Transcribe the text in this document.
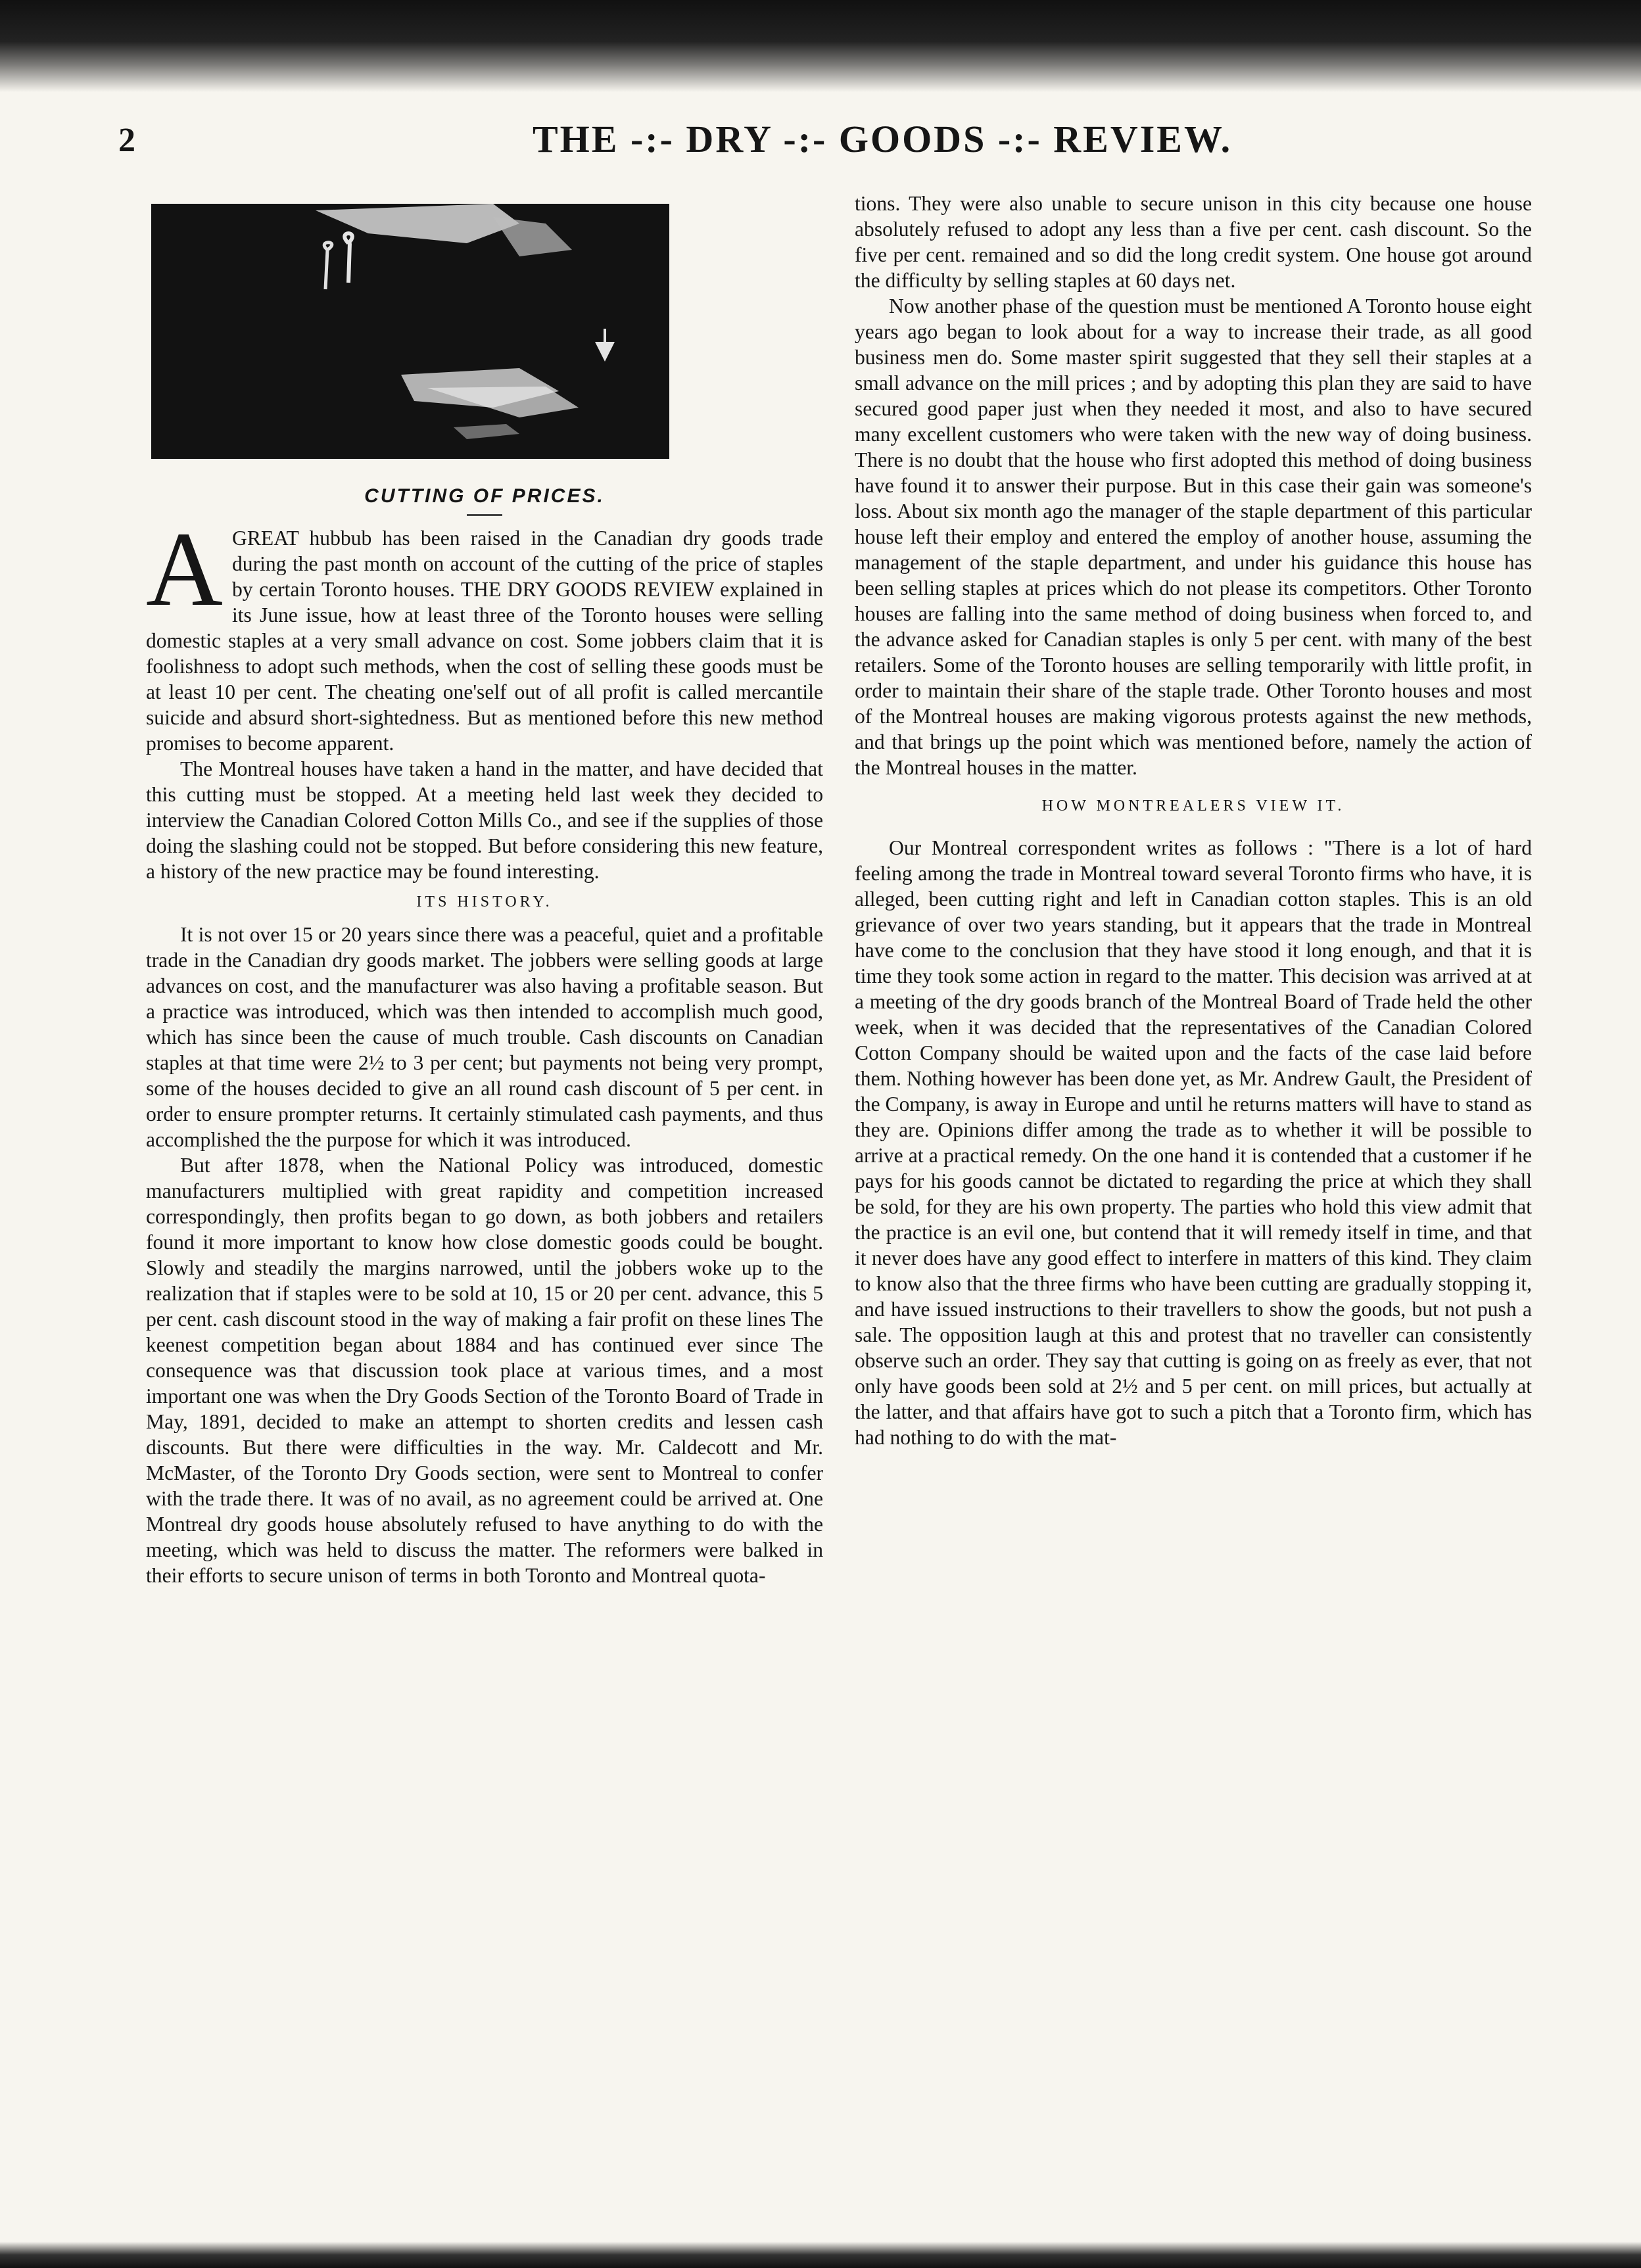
2	THE -:- DRY -:- GOODS -:- REVIEW.
CUTTING OF PRICES.

AGREAT hubbub has been raised in the Canadian dry goods trade during the past month on account of the cutting of the price of staples by certain Toronto houses. THE DRY GOODS REVIEW explained in its June issue, how at least three of the Toronto houses were selling domestic staples at a very small advance on cost. Some jobbers claim that it is foolishness to adopt such methods, when the cost of selling these goods must be at least 10 per cent. The cheating one'self out of all profit is called mercantile suicide and absurd short-sightedness. But as mentioned before this new method promises to become apparent.

The Montreal houses have taken a hand in the matter, and have decided that this cutting must be stopped. At a meeting held last week they decided to interview the Canadian Colored Cotton Mills Co., and see if the supplies of those doing the slashing could not be stopped. But before considering this new feature, a history of the new practice may be found interesting.

ITS HISTORY.

It is not over 15 or 20 years since there was a peaceful, quiet and a profitable trade in the Canadian dry goods market. The jobbers were selling goods at large advances on cost, and the manufacturer was also having a profitable season. But a practice was introduced, which was then intended to accomplish much good, which has since been the cause of much trouble. Cash discounts on Canadian staples at that time were 2½ to 3 per cent; but payments not being very prompt, some of the houses decided to give an all round cash discount of 5 per cent. in order to ensure prompter returns. It certainly stimulated cash payments, and thus accomplished the the purpose for which it was introduced.

But after 1878, when the National Policy was introduced, domestic manufacturers multiplied with great rapidity and competition increased correspondingly, then profits began to go down, as both jobbers and retailers found it more important to know how close domestic goods could be bought. Slowly and steadily the margins narrowed, until the jobbers woke up to the realization that if staples were to be sold at 10, 15 or 20 per cent. advance, this 5 per cent. cash discount stood in the way of making a fair profit on these lines The keenest competition began about 1884 and has continued ever since The consequence was that discussion took place at various times, and a most important one was when the Dry Goods Section of the Toronto Board of Trade in May, 1891, decided to make an attempt to shorten credits and lessen cash discounts. But there were difficulties in the way. Mr. Caldecott and Mr. McMaster, of the Toronto Dry Goods section, were sent to Montreal to confer with the trade there. It was of no avail, as no agreement could be arrived at. One Montreal dry goods house absolutely refused to have anything to do with the meeting, which was held to discuss the matter. The reformers were balked in their efforts to secure unison of terms in both Toronto and Montreal quota-

tions. They were also unable to secure unison in this city because one house absolutely refused to adopt any less than a five per cent. cash discount. So the five per cent. remained and so did the long credit system. One house got around the difficulty by selling staples at 60 days net.

Now another phase of the question must be mentioned A Toronto house eight years ago began to look about for a way to increase their trade, as all good business men do. Some master spirit suggested that they sell their staples at a small advance on the mill prices ; and by adopting this plan they are said to have secured good paper just when they needed it most, and also to have secured many excellent customers who were taken with the new way of doing business. There is no doubt that the house who first adopted this method of doing business have found it to answer their purpose. But in this case their gain was someone's loss. About six month ago the manager of the staple department of this particular house left their employ and entered the employ of another house, assuming the management of the staple department, and under his guidance this house has been selling staples at prices which do not please its competitors. Other Toronto houses are falling into the same method of doing business when forced to, and the advance asked for Canadian staples is only 5 per cent. with many of the best retailers. Some of the Toronto houses are selling temporarily with little profit, in order to maintain their share of the staple trade. Other Toronto houses and most of the Montreal houses are making vigorous protests against the new methods, and that brings up the point which was mentioned before, namely the action of the Montreal houses in the matter.

HOW MONTREALERS VIEW IT.

Our Montreal correspondent writes as follows : "There is a lot of hard feeling among the trade in Montreal toward several Toronto firms who have, it is alleged, been cutting right and left in Canadian cotton staples. This is an old grievance of over two years standing, but it appears that the trade in Montreal have come to the conclusion that they have stood it long enough, and that it is time they took some action in regard to the matter. This decision was arrived at at a meeting of the dry goods branch of the Montreal Board of Trade held the other week, when it was decided that the representatives of the Canadian Colored Cotton Company should be waited upon and the facts of the case laid before them. Nothing however has been done yet, as Mr. Andrew Gault, the President of the Company, is away in Europe and until he returns matters will have to stand as they are. Opinions differ among the trade as to whether it will be possible to arrive at a practical remedy. On the one hand it is contended that a customer if he pays for his goods cannot be dictated to regarding the price at which they shall be sold, for they are his own property. The parties who hold this view admit that the practice is an evil one, but contend that it will remedy itself in time, and that it never does have any good effect to interfere in matters of this kind. They claim to know also that the three firms who have been cutting are gradually stopping it, and have issued instructions to their travellers to show the goods, but not push a sale. The opposition laugh at this and protest that no traveller can consistently observe such an order. They say that cutting is going on as freely as ever, that not only have goods been sold at 2½ and 5 per cent. on mill prices, but actually at the latter, and that affairs have got to such a pitch that a Toronto firm, which has had nothing to do with the mat-
